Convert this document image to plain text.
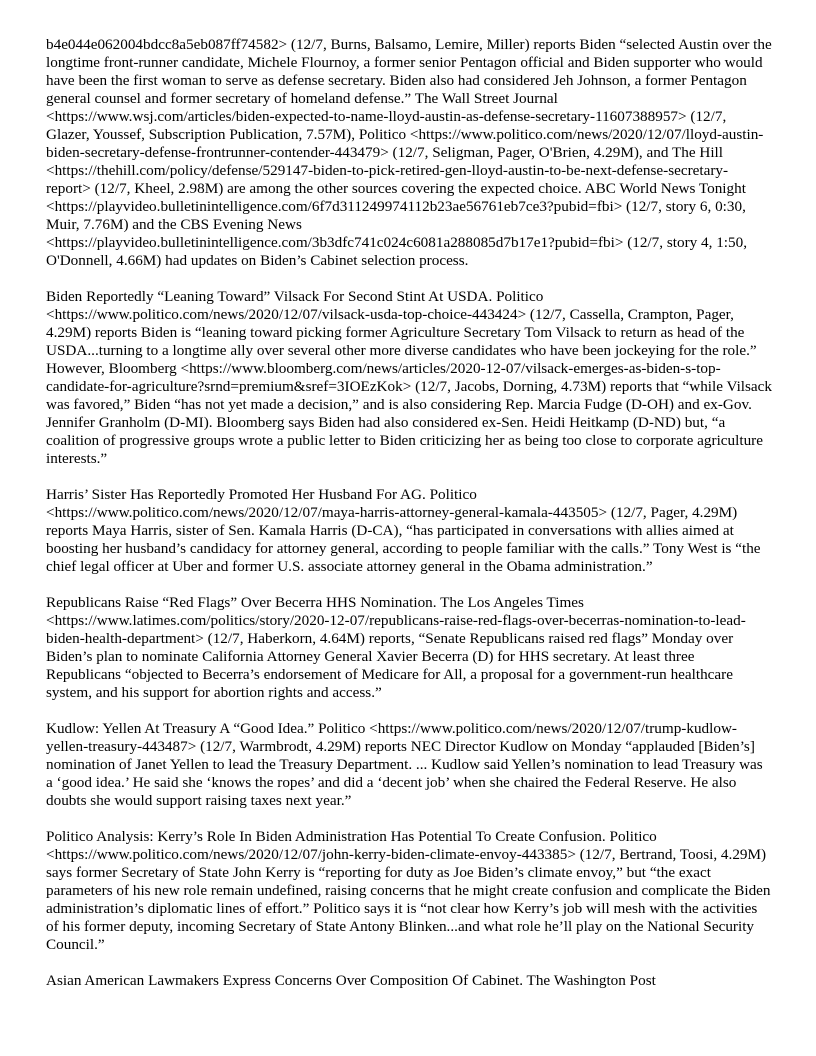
b4e044e062004bdcc8a5eb087ff74582> (12/7, Burns, Balsamo, Lemire, Miller) reports Biden “selected Austin over the longtime front-runner candidate, Michele Flournoy, a former senior Pentagon official and Biden supporter who would have been the first woman to serve as defense secretary. Biden also had considered Jeh Johnson, a former Pentagon general counsel and former secretary of homeland defense.” The Wall Street Journal <https://www.wsj.com/articles/biden-expected-to-name-lloyd-austin-as-defense-secretary-11607388957> (12/7, Glazer, Youssef, Subscription Publication, 7.57M), Politico <https://www.politico.com/news/2020/12/07/lloyd-austin-biden-secretary-defense-frontrunner-contender-443479> (12/7, Seligman, Pager, O'Brien, 4.29M), and The Hill <https://thehill.com/policy/defense/529147-biden-to-pick-retired-gen-lloyd-austin-to-be-next-defense-secretary-report> (12/7, Kheel, 2.98M) are among the other sources covering the expected choice. ABC World News Tonight <https://playvideo.bulletinintelligence.com/6f7d311249974112b23ae56761eb7ce3?pubid=fbi> (12/7, story 6, 0:30, Muir, 7.76M) and the CBS Evening News <https://playvideo.bulletinintelligence.com/3b3dfc741c024c6081a288085d7b17e1?pubid=fbi> (12/7, story 4, 1:50, O'Donnell, 4.66M) had updates on Biden’s Cabinet selection process.

Biden Reportedly “Leaning Toward” Vilsack For Second Stint At USDA. Politico <https://www.politico.com/news/2020/12/07/vilsack-usda-top-choice-443424> (12/7, Cassella, Crampton, Pager, 4.29M) reports Biden is “leaning toward picking former Agriculture Secretary Tom Vilsack to return as head of the USDA...turning to a longtime ally over several other more diverse candidates who have been jockeying for the role.” However, Bloomberg <https://www.bloomberg.com/news/articles/2020-12-07/vilsack-emerges-as-biden-s-top-candidate-for-agriculture?srnd=premium&sref=3IOEzKok> (12/7, Jacobs, Dorning, 4.73M) reports that “while Vilsack was favored,” Biden “has not yet made a decision,” and is also considering Rep. Marcia Fudge (D-OH) and ex-Gov. Jennifer Granholm (D-MI). Bloomberg says Biden had also considered ex-Sen. Heidi Heitkamp (D-ND) but, “a coalition of progressive groups wrote a public letter to Biden criticizing her as being too close to corporate agriculture interests.”

Harris’ Sister Has Reportedly Promoted Her Husband For AG. Politico <https://www.politico.com/news/2020/12/07/maya-harris-attorney-general-kamala-443505> (12/7, Pager, 4.29M) reports Maya Harris, sister of Sen. Kamala Harris (D-CA), “has participated in conversations with allies aimed at boosting her husband’s candidacy for attorney general, according to people familiar with the calls.” Tony West is “the chief legal officer at Uber and former U.S. associate attorney general in the Obama administration.”

Republicans Raise “Red Flags” Over Becerra HHS Nomination. The Los Angeles Times <https://www.latimes.com/politics/story/2020-12-07/republicans-raise-red-flags-over-becerras-nomination-to-lead-biden-health-department> (12/7, Haberkorn, 4.64M) reports, “Senate Republicans raised red flags” Monday over Biden’s plan to nominate California Attorney General Xavier Becerra (D) for HHS secretary. At least three Republicans “objected to Becerra’s endorsement of Medicare for All, a proposal for a government-run healthcare system, and his support for abortion rights and access.”

Kudlow: Yellen At Treasury A “Good Idea.” Politico <https://www.politico.com/news/2020/12/07/trump-kudlow-yellen-treasury-443487> (12/7, Warmbrodt, 4.29M) reports NEC Director Kudlow on Monday “applauded [Biden’s] nomination of Janet Yellen to lead the Treasury Department. ... Kudlow said Yellen’s nomination to lead Treasury was a ‘good idea.’ He said she ‘knows the ropes’ and did a ‘decent job’ when she chaired the Federal Reserve. He also doubts she would support raising taxes next year.”

Politico Analysis: Kerry’s Role In Biden Administration Has Potential To Create Confusion. Politico <https://www.politico.com/news/2020/12/07/john-kerry-biden-climate-envoy-443385> (12/7, Bertrand, Toosi, 4.29M) says former Secretary of State John Kerry is “reporting for duty as Joe Biden’s climate envoy,” but “the exact parameters of his new role remain undefined, raising concerns that he might create confusion and complicate the Biden administration’s diplomatic lines of effort.” Politico says it is “not clear how Kerry’s job will mesh with the activities of his former deputy, incoming Secretary of State Antony Blinken...and what role he’ll play on the National Security Council.”

Asian American Lawmakers Express Concerns Over Composition Of Cabinet. The Washington Post
